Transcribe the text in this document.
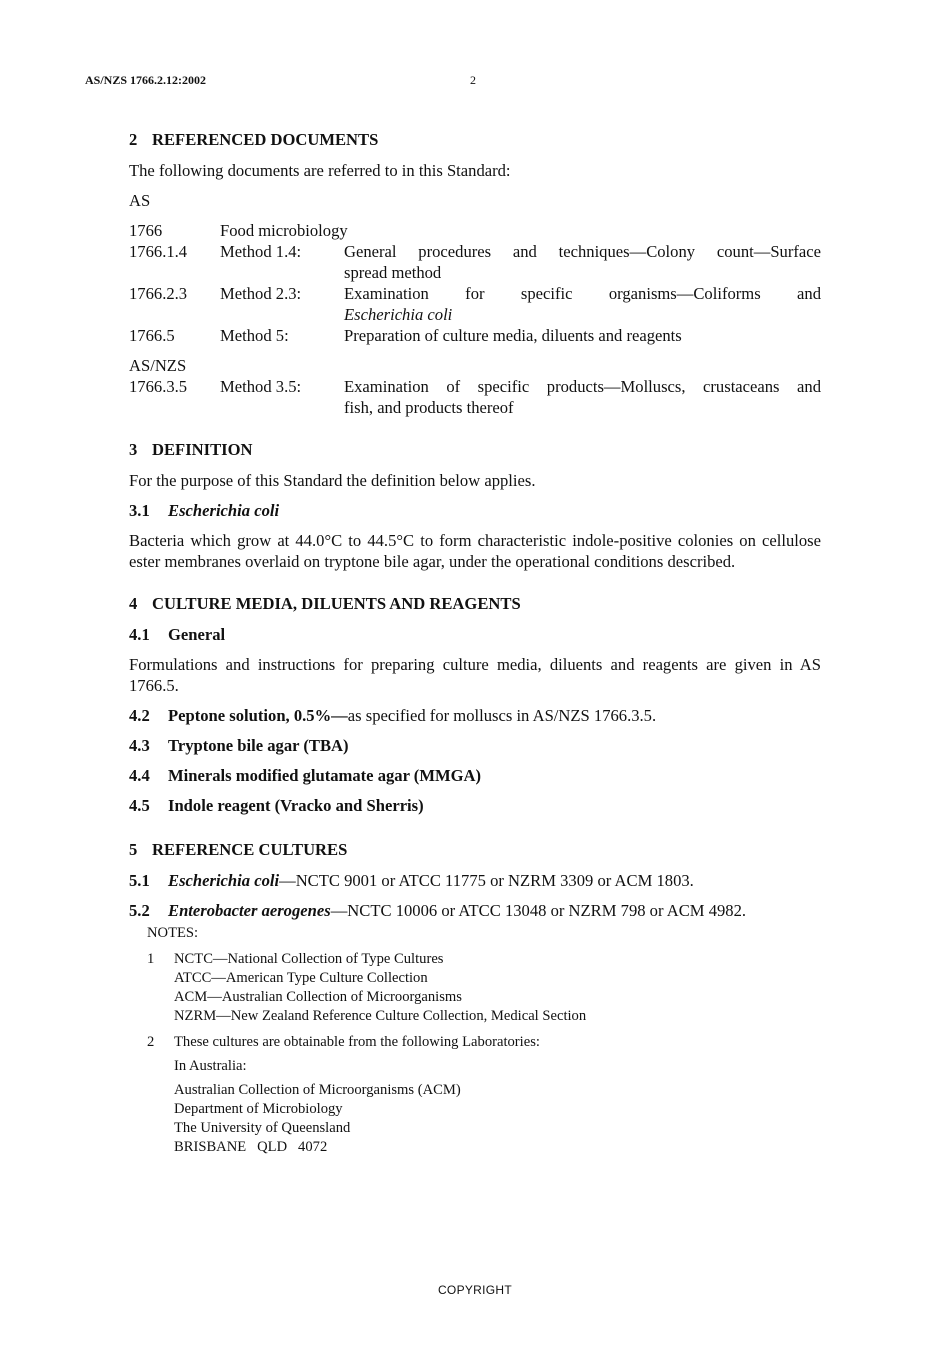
AS/NZS 1766.2.12:2002	2
2 REFERENCED DOCUMENTS
The following documents are referred to in this Standard:
AS
1766	Food microbiology	
1766.1.4	Method 1.4:	General procedures and techniques—Colony count—Surface
spread method
1766.2.3	Method 2.3:	Examination for specific organisms—Coliforms and
Escherichia coli
1766.5	Method 5:	Preparation of culture media, diluents and reagents
AS/NZS
1766.3.5	Method 3.5:	Examination of specific products—Molluscs, crustaceans and
fish, and products thereof
3 DEFINITION
For the purpose of this Standard the definition below applies.
3.1 Escherichia coli
Bacteria which grow at 44.0°C to 44.5°C to form characteristic indole-positive colonies on cellulose ester membranes overlaid on tryptone bile agar, under the operational conditions described.
4 CULTURE MEDIA, DILUENTS AND REAGENTS
4.1 General
Formulations and instructions for preparing culture media, diluents and reagents are given in AS 1766.5.
4.2 Peptone solution, 0.5%—as specified for molluscs in AS/NZS 1766.3.5.
4.3 Tryptone bile agar (TBA)
4.4 Minerals modified glutamate agar (MMGA)
4.5 Indole reagent (Vracko and Sherris)
5 REFERENCE CULTURES
5.1 Escherichia coli—NCTC 9001 or ATCC 11775 or NZRM 3309 or ACM 1803.
5.2 Enterobacter aerogenes—NCTC 10006 or ATCC 13048 or NZRM 798 or ACM 4982.
NOTES:
1	NCTC—National Collection of Type Cultures
ATCC—American Type Culture Collection
ACM—Australian Collection of Microorganisms
NZRM—New Zealand Reference Culture Collection, Medical Section
2	These cultures are obtainable from the following Laboratories:
In Australia:
Australian Collection of Microorganisms (ACM)
Department of Microbiology
The University of Queensland
BRISBANE   QLD   4072
COPYRIGHT
